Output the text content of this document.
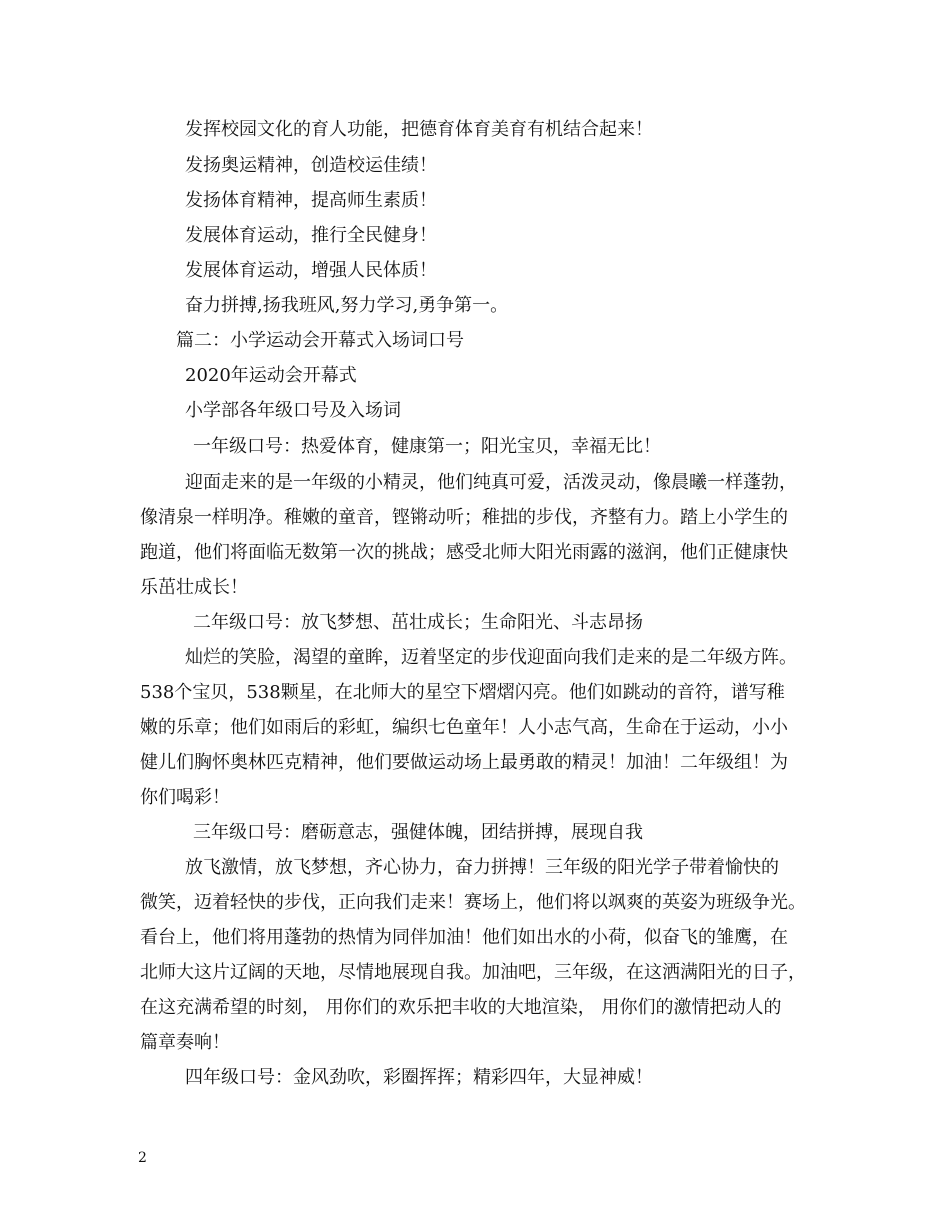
发挥校园文化的育人功能，把德育体育美育有机结合起来！

发扬奥运精神，创造校运佳绩！

发扬体育精神，提高师生素质！

发展体育运动，推行全民健身！

发展体育运动，增强人民体质！

奋力拼搏,扬我班风,努力学习,勇争第一。

篇二：小学运动会开幕式入场词口号

2020年运动会开幕式

小学部各年级口号及入场词

一年级口号：热爱体育，健康第一；阳光宝贝，幸福无比！

迎面走来的是一年级的小精灵，他们纯真可爱，活泼灵动，像晨曦一样蓬勃，

像清泉一样明净。稚嫩的童音，铿锵动听；稚拙的步伐，齐整有力。踏上小学生的

跑道，他们将面临无数第一次的挑战；感受北师大阳光雨露的滋润，他们正健康快

乐茁壮成长！

二年级口号：放飞梦想、茁壮成长；生命阳光、斗志昂扬

灿烂的笑脸，渴望的童眸，迈着坚定的步伐迎面向我们走来的是二年级方阵。

538个宝贝，538颗星，在北师大的星空下熠熠闪亮。他们如跳动的音符，谱写稚

嫩的乐章；他们如雨后的彩虹，编织七色童年！人小志气高，生命在于运动，小小

健儿们胸怀奥林匹克精神，他们要做运动场上最勇敢的精灵！加油！二年级组！为

你们喝彩！

三年级口号：磨砺意志，强健体魄，团结拼搏，展现自我

放飞激情，放飞梦想，齐心协力，奋力拼搏！三年级的阳光学子带着愉快的

微笑，迈着轻快的步伐，正向我们走来！赛场上，他们将以飒爽的英姿为班级争光。

看台上，他们将用蓬勃的热情为同伴加油！他们如出水的小荷，似奋飞的雏鹰，在

北师大这片辽阔的天地，尽情地展现自我。加油吧，三年级，在这洒满阳光的日子，

在这充满希望的时刻， 用你们的欢乐把丰收的大地渲染， 用你们的激情把动人的

篇章奏响！

四年级口号：金风劲吹，彩圈挥挥；精彩四年，大显神威！

2
